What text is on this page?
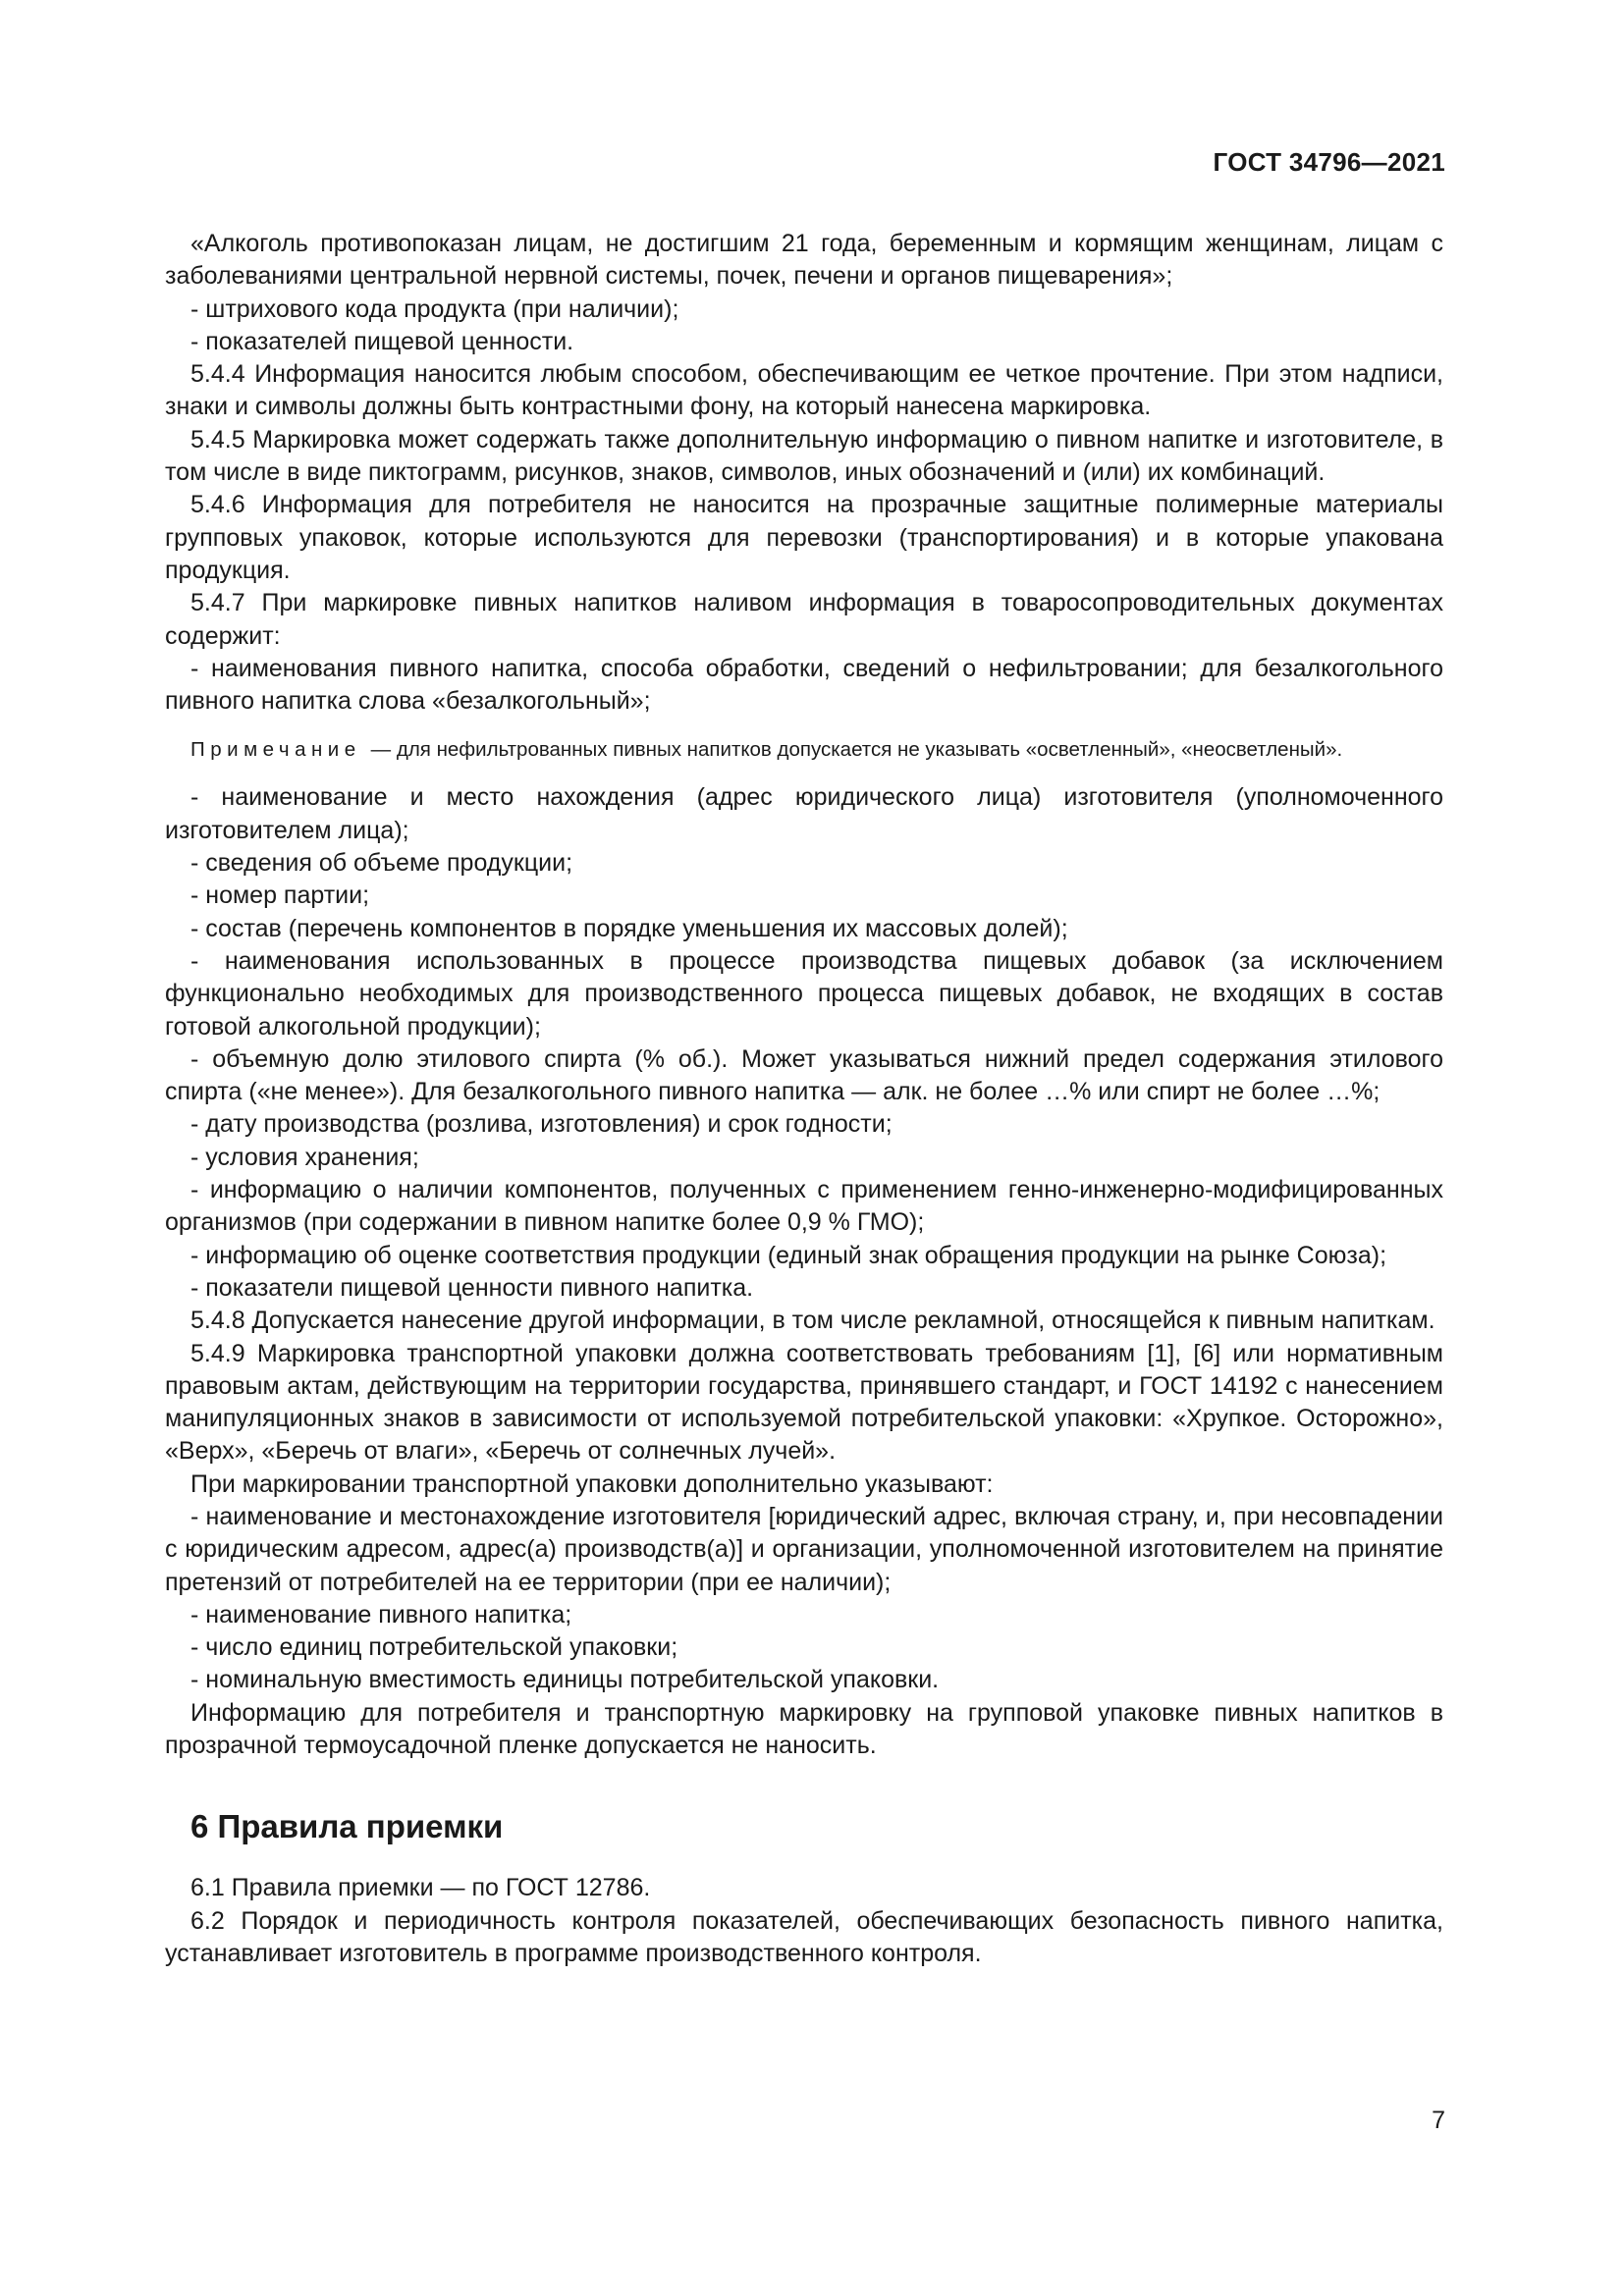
ГОСТ 34796—2021

«Алкоголь противопоказан лицам, не достигшим 21 года, беременным и кормящим женщинам, лицам с заболеваниями центральной нервной системы, почек, печени и органов пищеварения»;

- штрихового кода продукта (при наличии);

- показателей пищевой ценности.

5.4.4 Информация наносится любым способом, обеспечивающим ее четкое прочтение. При этом надписи, знаки и символы должны быть контрастными фону, на который нанесена маркировка.

5.4.5 Маркировка может содержать также дополнительную информацию о пивном напитке и изготовителе, в том числе в виде пиктограмм, рисунков, знаков, символов, иных обозначений и (или) их комбинаций.

5.4.6 Информация для потребителя не наносится на прозрачные защитные полимерные материалы групповых упаковок, которые используются для перевозки (транспортирования) и в которые упакована продукция.

5.4.7 При маркировке пивных напитков наливом информация в товаросопроводительных документах содержит:

- наименования пивного напитка, способа обработки, сведений о нефильтровании; для безалкогольного пивного напитка слова «безалкогольный»;

Примечание — для нефильтрованных пивных напитков допускается не указывать «осветленный», «неосветленый».

- наименование и место нахождения (адрес юридического лица) изготовителя (уполномоченного изготовителем лица);

- сведения об объеме продукции;

- номер партии;

- состав (перечень компонентов в порядке уменьшения их массовых долей);

- наименования использованных в процессе производства пищевых добавок (за исключением функционально необходимых для производственного процесса пищевых добавок, не входящих в состав готовой алкогольной продукции);

- объемную долю этилового спирта (% об.). Может указываться нижний предел содержания этилового спирта («не менее»). Для безалкогольного пивного напитка — алк. не более …% или спирт не более …%;

- дату производства (розлива, изготовления) и срок годности;

- условия хранения;

- информацию о наличии компонентов, полученных с применением генно-инженерно-модифицированных организмов (при содержании в пивном напитке более 0,9 % ГМО);

- информацию об оценке соответствия продукции (единый знак обращения продукции на рынке Союза);

- показатели пищевой ценности пивного напитка.

5.4.8 Допускается нанесение другой информации, в том числе рекламной, относящейся к пивным напиткам.

5.4.9 Маркировка транспортной упаковки должна соответствовать требованиям [1], [6] или нормативным правовым актам, действующим на территории государства, принявшего стандарт, и ГОСТ 14192 с нанесением манипуляционных знаков в зависимости от используемой потребительской упаковки: «Хрупкое. Осторожно», «Верх», «Беречь от влаги», «Беречь от солнечных лучей».

При маркировании транспортной упаковки дополнительно указывают:

- наименование и местонахождение изготовителя [юридический адрес, включая страну, и, при несовпадении с юридическим адресом, адрес(а) производств(а)] и организации, уполномоченной изготовителем на принятие претензий от потребителей на ее территории (при ее наличии);

- наименование пивного напитка;

- число единиц потребительской упаковки;

- номинальную вместимость единицы потребительской упаковки.

Информацию для потребителя и транспортную маркировку на групповой упаковке пивных напитков в прозрачной термоусадочной пленке допускается не наносить.

6 Правила приемки

6.1 Правила приемки — по ГОСТ 12786.

6.2 Порядок и периодичность контроля показателей, обеспечивающих безопасность пивного напитка, устанавливает изготовитель в программе производственного контроля.

7
